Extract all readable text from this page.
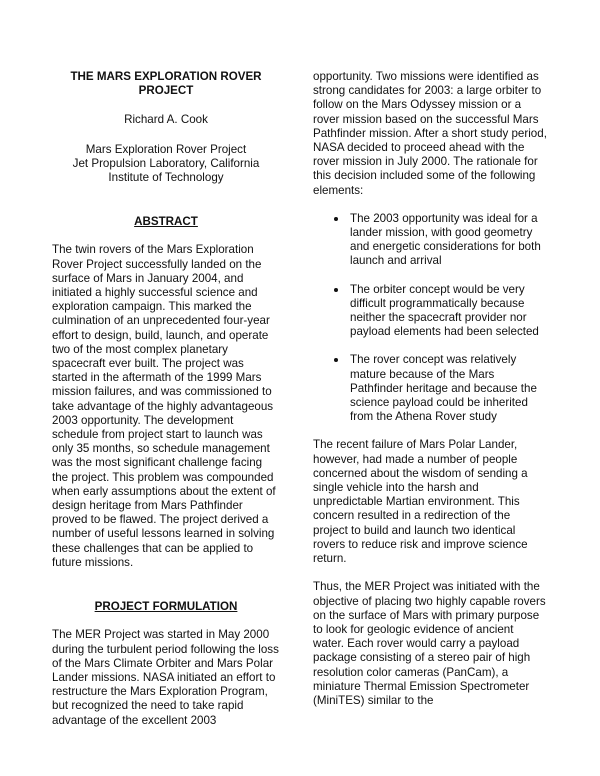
THE MARS EXPLORATION ROVER

PROJECT

Richard A. Cook

Mars Exploration Rover Project

Jet Propulsion Laboratory, California

Institute of Technology

ABSTRACT

The twin rovers of the Mars Exploration Rover Project successfully landed on the surface of Mars in January 2004, and initiated a highly successful science and exploration campaign. This marked the culmination of an unprecedented four-year effort to design, build, launch, and operate two of the most complex planetary spacecraft ever built. The project was started in the aftermath of the 1999 Mars mission failures, and was commissioned to take advantage of the highly advantageous 2003 opportunity. The development schedule from project start to launch was only 35 months, so schedule management was the most significant challenge facing the project. This problem was compounded when early assumptions about the extent of design heritage from Mars Pathfinder proved to be flawed. The project derived a number of useful lessons learned in solving these challenges that can be applied to future missions.

PROJECT FORMULATION

The MER Project was started in May 2000 during the turbulent period following the loss of the Mars Climate Orbiter and Mars Polar Lander missions. NASA initiated an effort to restructure the Mars Exploration Program, but recognized the need to take rapid advantage of the excellent 2003

opportunity. Two missions were identified as strong candidates for 2003: a large orbiter to follow on the Mars Odyssey mission or a rover mission based on the successful Mars Pathfinder mission. After a short study period, NASA decided to proceed ahead with the rover mission in July 2000. The rationale for this decision included some of the following elements:

The 2003 opportunity was ideal for a lander mission, with good geometry and energetic considerations for both launch and arrival
The orbiter concept would be very difficult programmatically because neither the spacecraft provider nor payload elements had been selected
The rover concept was relatively mature because of the Mars Pathfinder heritage and because the science payload could be inherited from the Athena Rover study

The recent failure of Mars Polar Lander, however, had made a number of people concerned about the wisdom of sending a single vehicle into the harsh and unpredictable Martian environment. This concern resulted in a redirection of the project to build and launch two identical rovers to reduce risk and improve science return.

Thus, the MER Project was initiated with the objective of placing two highly capable rovers on the surface of Mars with primary purpose to look for geologic evidence of ancient water. Each rover would carry a payload package consisting of a stereo pair of high resolution color cameras (PanCam), a miniature Thermal Emission Spectrometer (MiniTES) similar to the
